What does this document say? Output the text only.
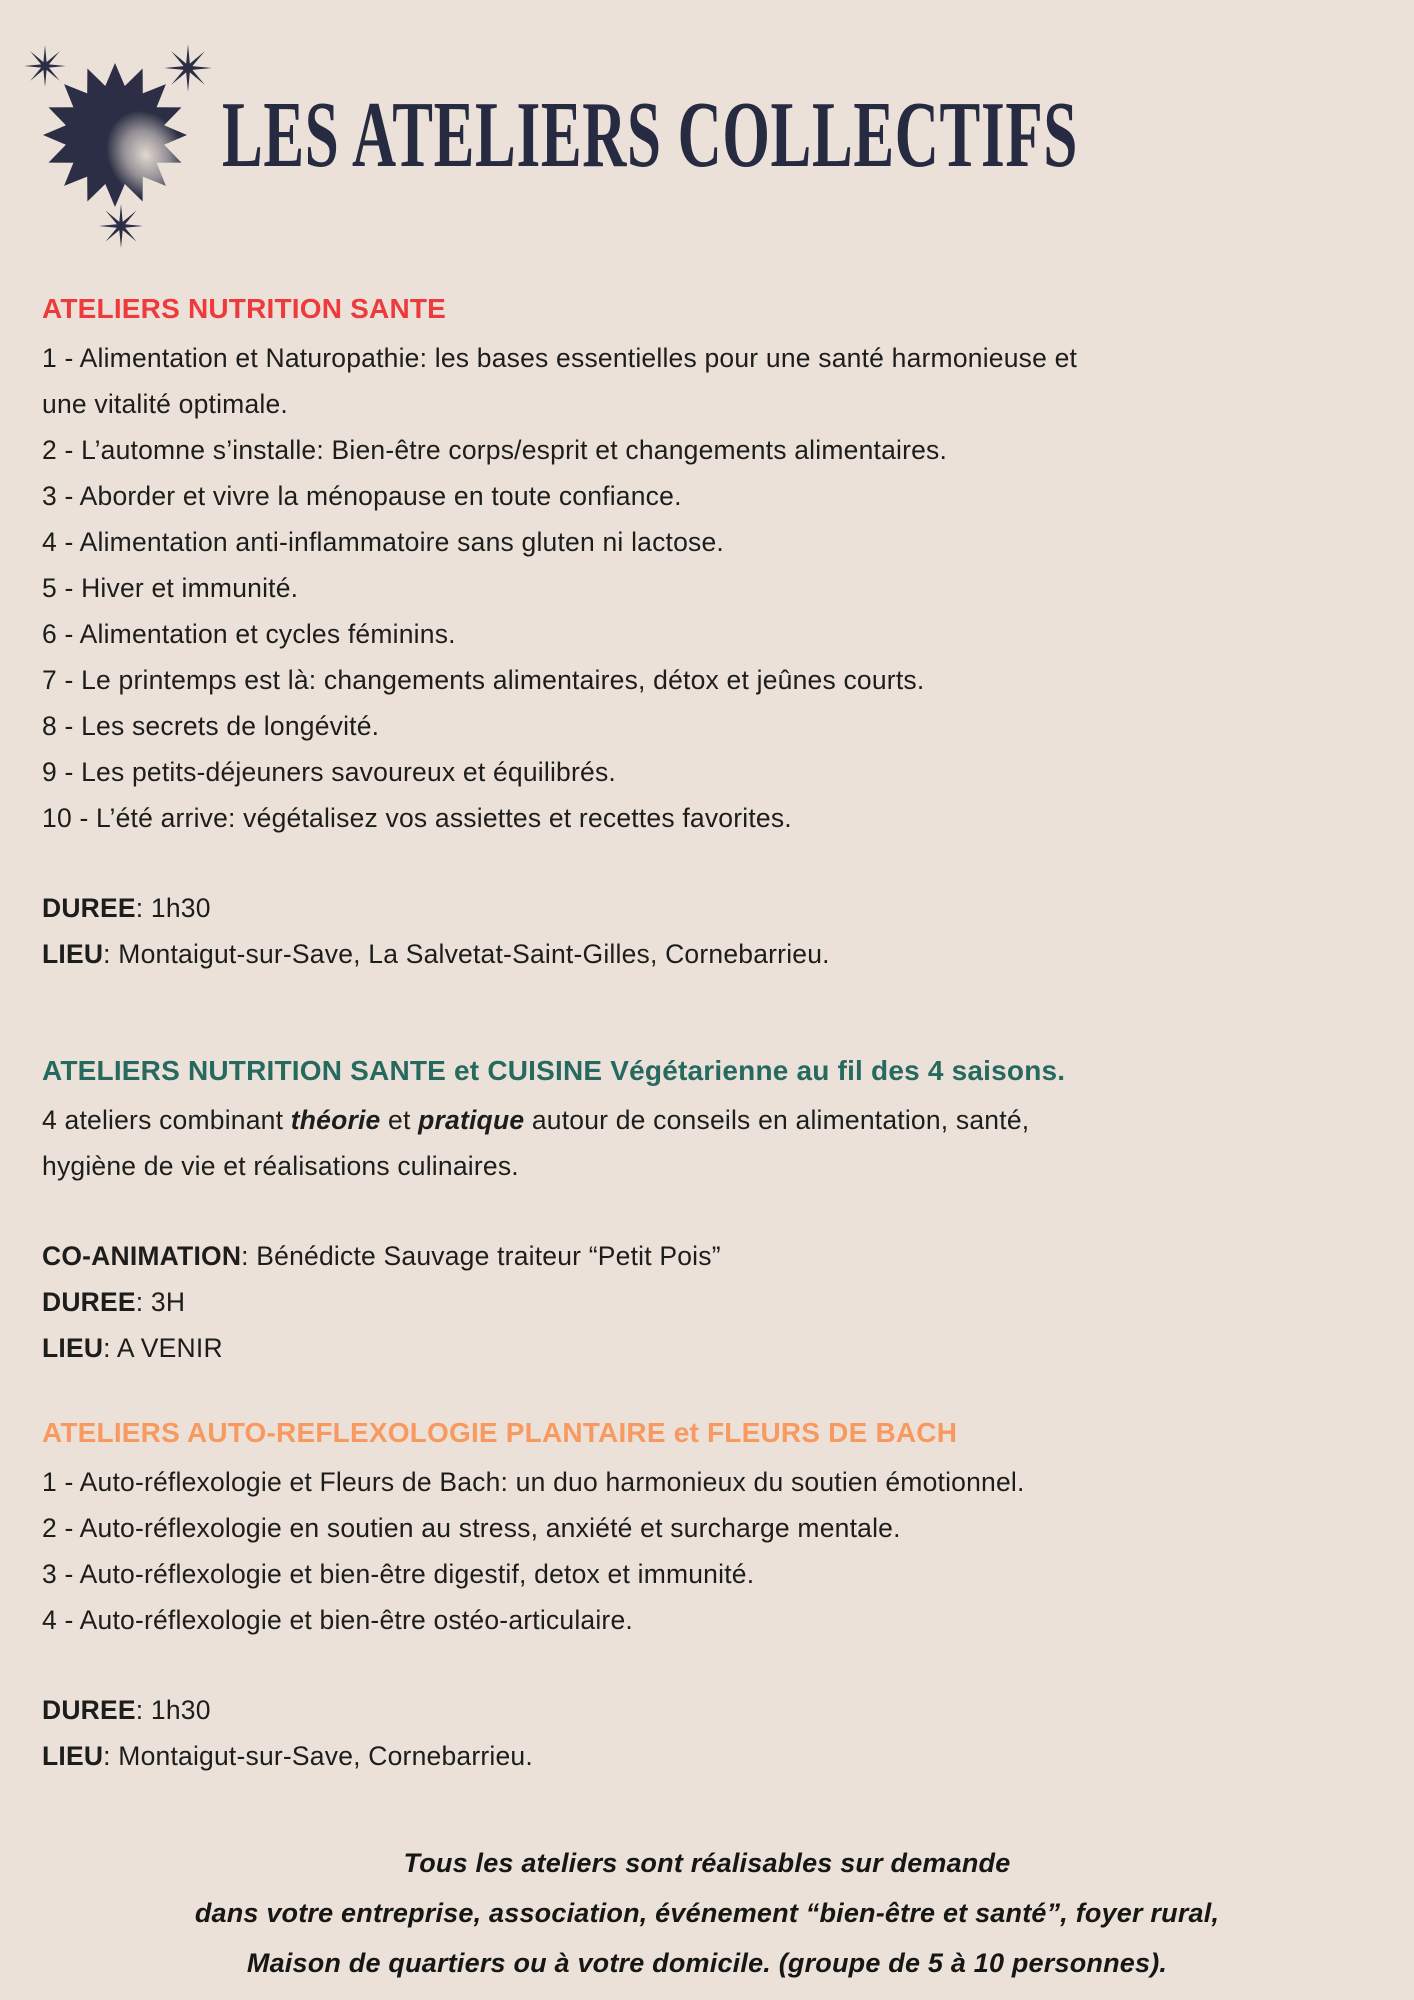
LES ATELIERS COLLECTIFS
ATELIERS NUTRITION SANTE

1 - Alimentation et Naturopathie: les bases essentielles pour une santé harmonieuse et une vitalité optimale.

2 - L’automne s’installe: Bien-être corps/esprit et changements alimentaires.

3 - Aborder et vivre la ménopause en toute confiance.

4 - Alimentation anti-inflammatoire sans gluten ni lactose.

5 - Hiver et immunité.

6 - Alimentation et cycles féminins.

7 - Le printemps est là: changements alimentaires, détox et jeûnes courts.

8 - Les secrets de longévité.

9 - Les petits-déjeuners savoureux et équilibrés.

10 - L’été arrive: végétalisez vos assiettes et recettes favorites.

DUREE: 1h30

LIEU: Montaigut-sur-Save, La Salvetat-Saint-Gilles, Cornebarrieu.

ATELIERS NUTRITION SANTE et CUISINE Végétarienne au fil des 4 saisons.

4 ateliers combinant théorie et pratique autour de conseils en alimentation, santé, hygiène de vie et réalisations culinaires.

CO-ANIMATION: Bénédicte Sauvage traiteur “Petit Pois”

DUREE: 3H

LIEU: A VENIR

ATELIERS AUTO-REFLEXOLOGIE PLANTAIRE et FLEURS DE BACH

1 - Auto-réflexologie et Fleurs de Bach: un duo harmonieux du soutien émotionnel.

2 - Auto-réflexologie en soutien au stress, anxiété et surcharge mentale.

3 - Auto-réflexologie et bien-être digestif, detox et immunité.

4 - Auto-réflexologie et bien-être ostéo-articulaire.

DUREE: 1h30

LIEU: Montaigut-sur-Save, Cornebarrieu.

Tous les ateliers sont réalisables sur demande
dans votre entreprise, association, événement “bien-être et santé”, foyer rural,
Maison de quartiers ou à votre domicile. (groupe de 5 à 10 personnes).
